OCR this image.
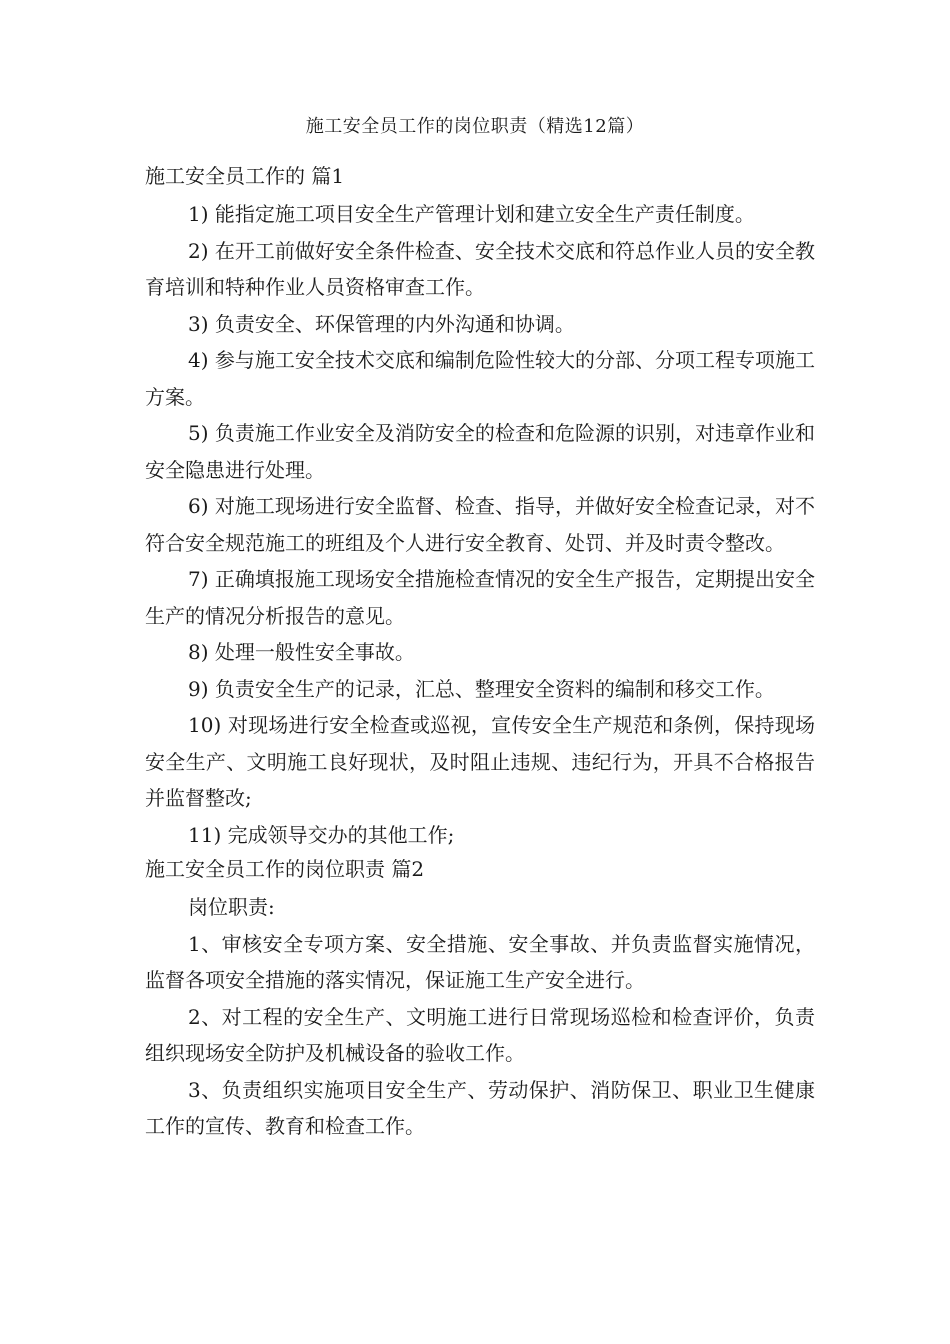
施工安全员工作的岗位职责（精选12篇）
施工安全员工作的 篇1

1) 能指定施工项目安全生产管理计划和建立安全生产责任制度。

2) 在开工前做好安全条件检查、安全技术交底和符总作业人员的安全教育培训和特种作业人员资格审查工作。

3) 负责安全、环保管理的内外沟通和协调。

4) 参与施工安全技术交底和编制危险性较大的分部、分项工程专项施工方案。

5) 负责施工作业安全及消防安全的检查和危险源的识别，对违章作业和安全隐患进行处理。

6) 对施工现场进行安全监督、检查、指导，并做好安全检查记录，对不符合安全规范施工的班组及个人进行安全教育、处罚、并及时责令整改。

7) 正确填报施工现场安全措施检查情况的安全生产报告，定期提出安全生产的情况分析报告的意见。

8) 处理一般性安全事故。

9) 负责安全生产的记录，汇总、整理安全资料的编制和移交工作。

10) 对现场进行安全检查或巡视，宣传安全生产规范和条例，保持现场安全生产、文明施工良好现状，及时阻止违规、违纪行为，开具不合格报告并监督整改;

11) 完成领导交办的其他工作;

施工安全员工作的岗位职责 篇2

岗位职责:

1、审核安全专项方案、安全措施、安全事故、并负责监督实施情况，监督各项安全措施的落实情况，保证施工生产安全进行。

2、对工程的安全生产、文明施工进行日常现场巡检和检查评价，负责组织现场安全防护及机械设备的验收工作。

3、负责组织实施项目安全生产、劳动保护、消防保卫、职业卫生健康工作的宣传、教育和检查工作。
